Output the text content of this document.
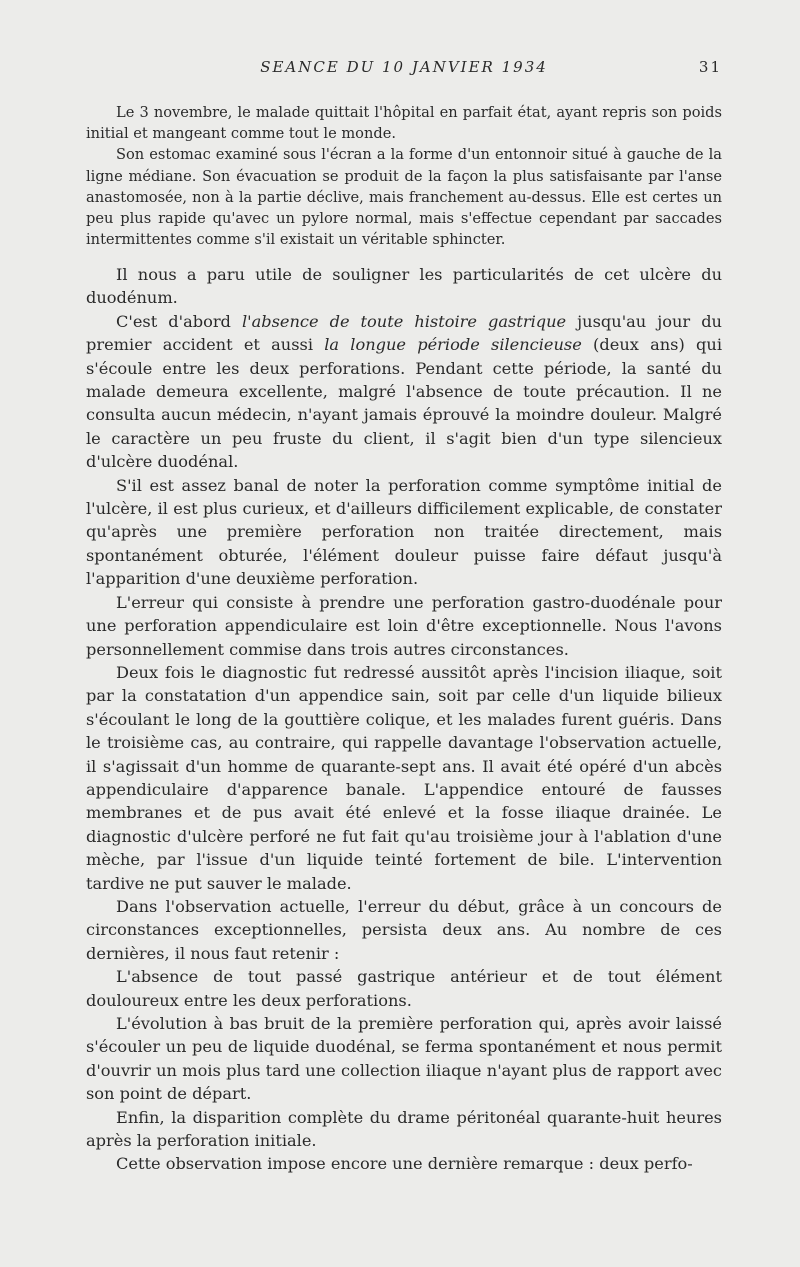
SEANCE DU 10 JANVIER 1934	31

Le 3 novembre, le malade quittait l'hôpital en parfait état, ayant repris son poids initial et mangeant comme tout le monde.

Son estomac examiné sous l'écran a la forme d'un entonnoir situé à gauche de la ligne médiane. Son évacuation se produit de la façon la plus satisfaisante par l'anse anastomosée, non à la partie déclive, mais franchement au-dessus. Elle est certes un peu plus rapide qu'avec un pylore normal, mais s'effectue cependant par saccades intermittentes comme s'il existait un véritable sphincter.

Il nous a paru utile de souligner les particularités de cet ulcère du duodénum.

C'est d'abord l'absence de toute histoire gastrique jusqu'au jour du premier accident et aussi la longue période silencieuse (deux ans) qui s'écoule entre les deux perforations. Pendant cette période, la santé du malade demeura excellente, malgré l'absence de toute précaution. Il ne consulta aucun médecin, n'ayant jamais éprouvé la moindre douleur. Malgré le caractère un peu fruste du client, il s'agit bien d'un type silencieux d'ulcère duodénal.

S'il est assez banal de noter la perforation comme symptôme initial de l'ulcère, il est plus curieux, et d'ailleurs difficilement explicable, de constater qu'après une première perforation non traitée directement, mais spontanément obturée, l'élément douleur puisse faire défaut jusqu'à l'apparition d'une deuxième perforation.

L'erreur qui consiste à prendre une perforation gastro-duodénale pour une perforation appendiculaire est loin d'être exceptionnelle. Nous l'avons personnellement commise dans trois autres circonstances.

Deux fois le diagnostic fut redressé aussitôt après l'incision iliaque, soit par la constatation d'un appendice sain, soit par celle d'un liquide bilieux s'écoulant le long de la gouttière colique, et les malades furent guéris. Dans le troisième cas, au contraire, qui rappelle davantage l'observation actuelle, il s'agissait d'un homme de quarante-sept ans. Il avait été opéré d'un abcès appendiculaire d'apparence banale. L'appendice entouré de fausses membranes et de pus avait été enlevé et la fosse iliaque drainée. Le diagnostic d'ulcère perforé ne fut fait qu'au troisième jour à l'ablation d'une mèche, par l'issue d'un liquide teinté fortement de bile. L'intervention tardive ne put sauver le malade.

Dans l'observation actuelle, l'erreur du début, grâce à un concours de circonstances exceptionnelles, persista deux ans. Au nombre de ces dernières, il nous faut retenir :

L'absence de tout passé gastrique antérieur et de tout élément douloureux entre les deux perforations.

L'évolution à bas bruit de la première perforation qui, après avoir laissé s'écouler un peu de liquide duodénal, se ferma spontanément et nous permit d'ouvrir un mois plus tard une collection iliaque n'ayant plus de rapport avec son point de départ.

Enfin, la disparition complète du drame péritonéal quarante-huit heures après la perforation initiale.

Cette observation impose encore une dernière remarque : deux perfo-
